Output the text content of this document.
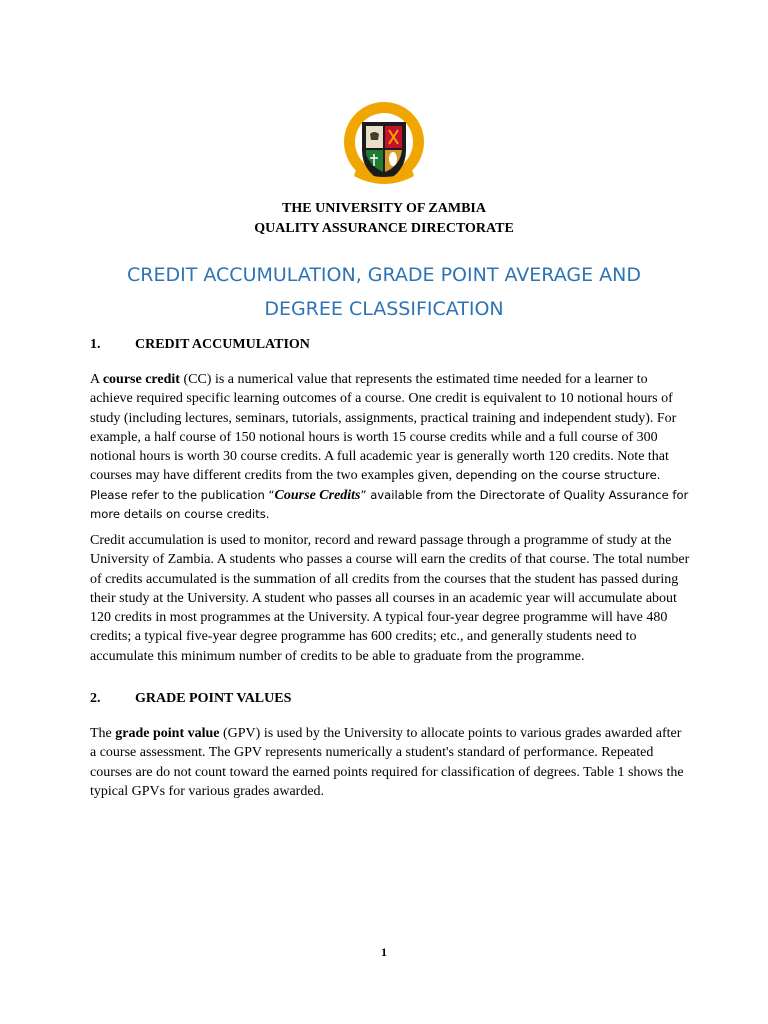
THE UNIVERSITY OF ZAMBIA
QUALITY ASSURANCE DIRECTORATE
CREDIT ACCUMULATION, GRADE POINT AVERAGE AND
DEGREE CLASSIFICATION
1. CREDIT ACCUMULATION
A course credit (CC) is a numerical value that represents the estimated time needed for a learner to achieve required specific learning outcomes of a course. One credit is equivalent to 10 notional hours of study (including lectures, seminars, tutorials, assignments, practical training and independent study). For example, a half course of 150 notional hours is worth 15 course credits while and a full course of 300 notional hours is worth 30 course credits. A full academic year is generally worth 120 credits. Note that courses may have different credits from the two examples given, depending on the course structure. Please refer to the publication “Course Credits” available from the Directorate of Quality Assurance for more details on course credits.
Credit accumulation is used to monitor, record and reward passage through a programme of study at the University of Zambia. A students who passes a course will earn the credits of that course. The total number of credits accumulated is the summation of all credits from the courses that the student has passed during their study at the University. A student who passes all courses in an academic year will accumulate about 120 credits in most programmes at the University. A typical four-year degree programme will have 480 credits; a typical five-year degree programme has 600 credits; etc., and generally students need to accumulate this minimum number of credits to be able to graduate from the programme.
2. GRADE POINT VALUES
The grade point value (GPV) is used by the University to allocate points to various grades awarded after a course assessment. The GPV represents numerically a student's standard of performance. Repeated courses are do not count toward the earned points required for classification of degrees. Table 1 shows the typical GPVs for various grades awarded.
1
